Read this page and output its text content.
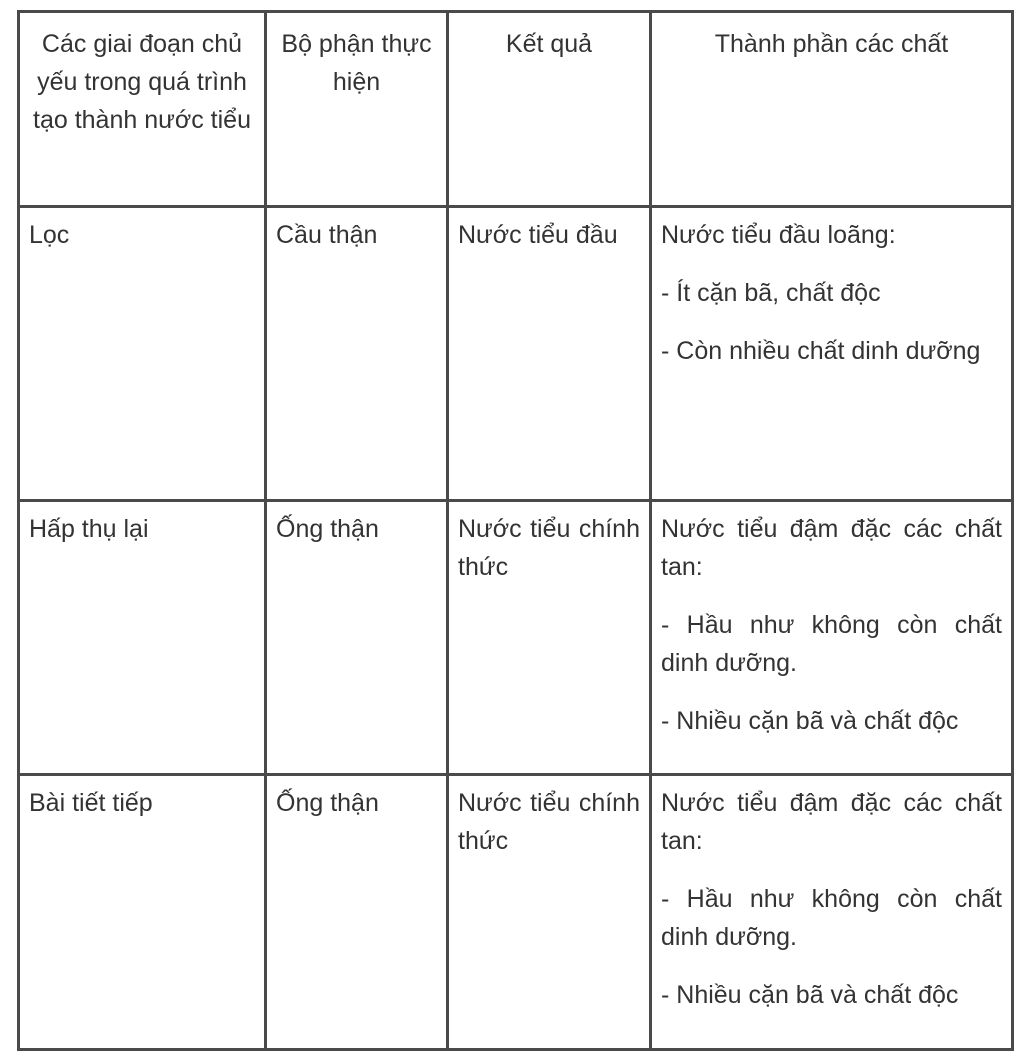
Các giai đoạn chủ yếu trong quá trình tạo thành nước tiểu	Bộ phận thực hiện	Kết quả	Thành phần các chất
Lọc	Cầu thận	Nước tiểu đầu	Nước tiểu đầu loãng:
- Ít cặn bã, chất độc
- Còn nhiều chất dinh dưỡng

Hấp thụ lại	Ống thận	Nước tiểu chính thức	Nước tiểu đậm đặc các chất tan:
- Hầu như không còn chất dinh dưỡng.
- Nhiều cặn bã và chất độc

Bài tiết tiếp	Ống thận	Nước tiểu chính thức	Nước tiểu đậm đặc các chất tan:
- Hầu như không còn chất dinh dưỡng.
- Nhiều cặn bã và chất độc
